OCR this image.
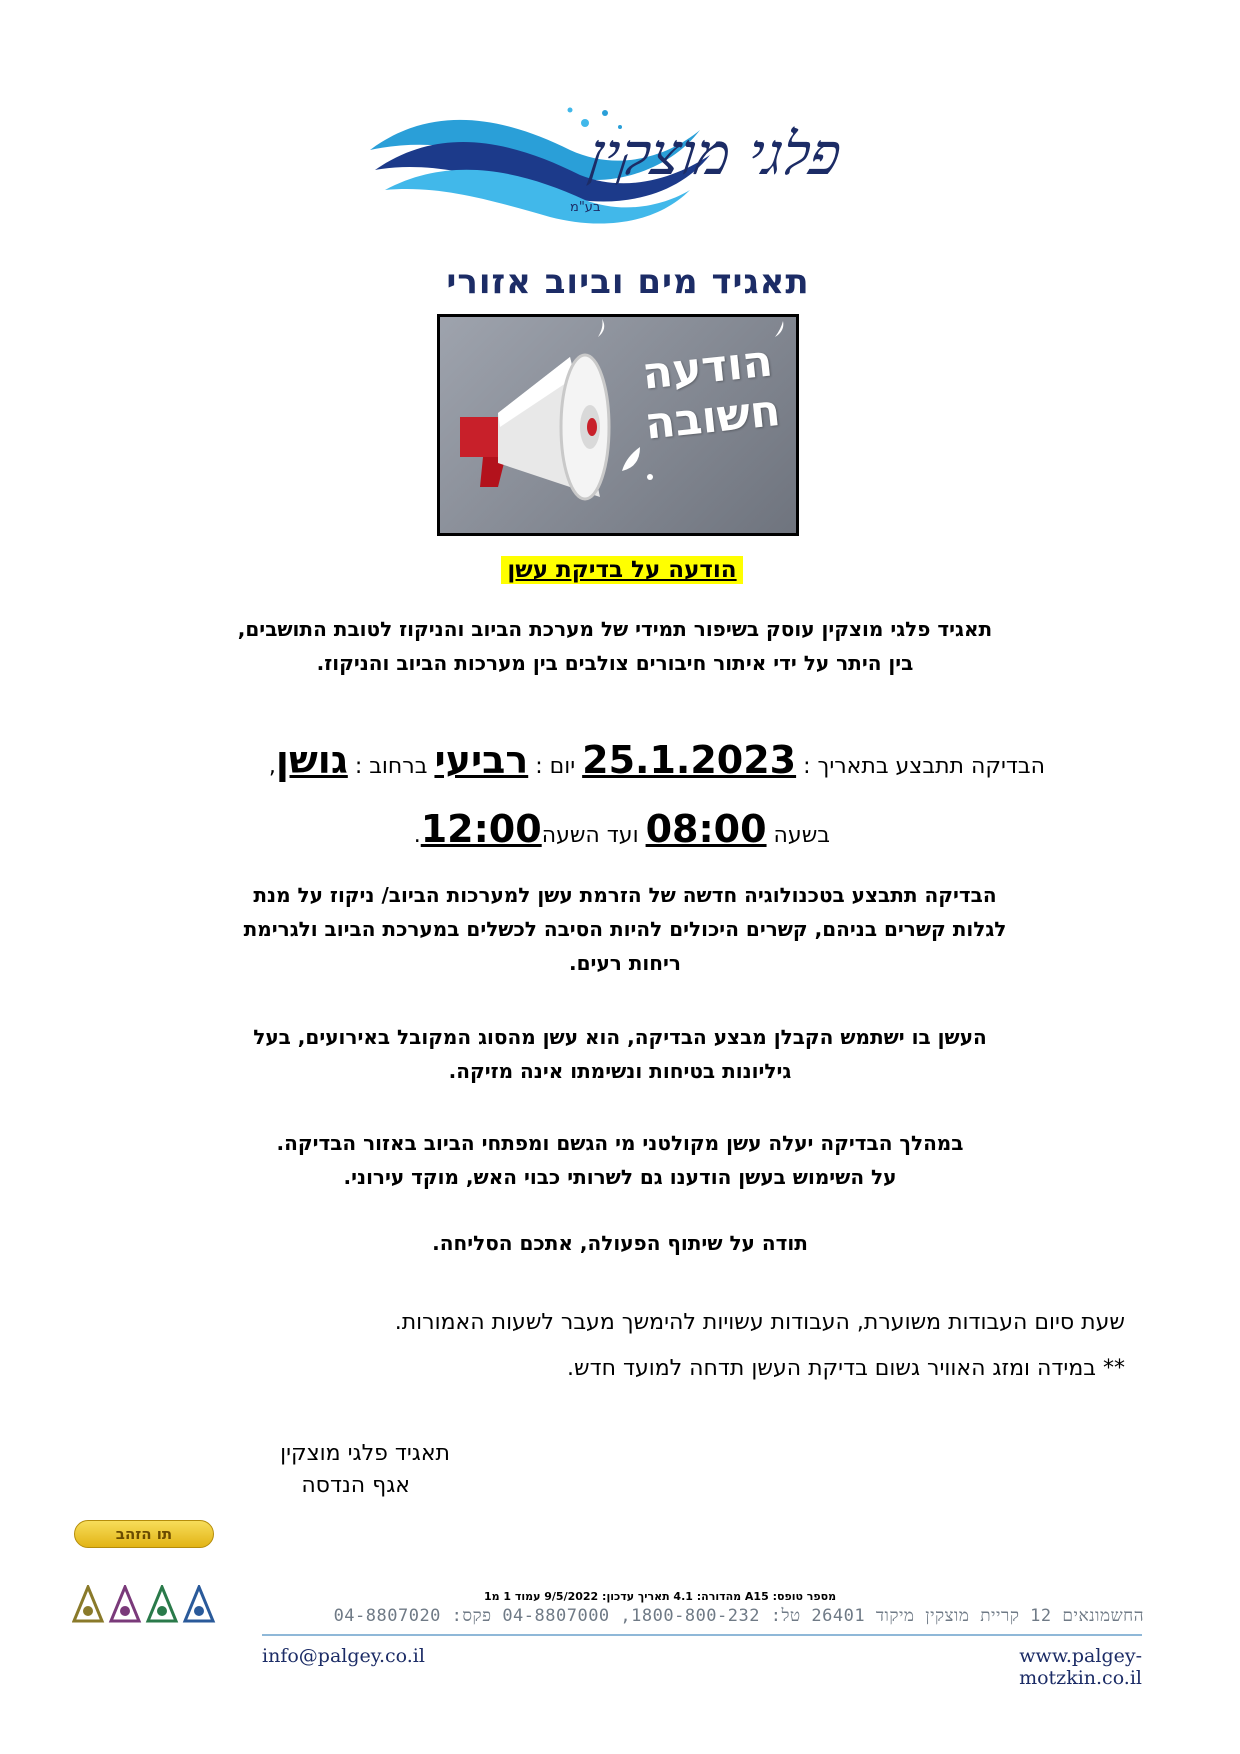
פלגי מוצקין
בע"מ
תאגיד מים וביוב אזורי
הודעה
חשובה
הודעה על בדיקת עשן
תאגיד פלגי מוצקין עוסק בשיפור תמידי של מערכת הביוב והניקוז לטובת התושבים,
בין היתר על ידי איתור חיבורים צולבים בין מערכות הביוב והניקוז.
הבדיקה תתבצע בתאריך : 25.1.2023 יום : רביעי ברחוב : גושן,
בשעה 08:00 ועד השעה12:00.
הבדיקה תתבצע בטכנולוגיה חדשה של הזרמת עשן למערכות הביוב/ ניקוז על מנת
לגלות קשרים בניהם, קשרים היכולים להיות הסיבה לכשלים במערכת הביוב ולגרימת
ריחות רעים.
העשן בו ישתמש הקבלן מבצע הבדיקה, הוא עשן מהסוג המקובל באירועים, בעל
גיליונות בטיחות ונשימתו אינה מזיקה.
במהלך הבדיקה יעלה עשן מקולטני מי הגשם ומפתחי הביוב באזור הבדיקה.
על השימוש בעשן הודענו גם לשרותי כבוי האש, מוקד עירוני.
תודה על שיתוף הפעולה, אתכם הסליחה.
שעת סיום העבודות משוערת, העבודות עשויות להימשך מעבר לשעות האמורות.
** במידה ומזג האוויר גשום בדיקת העשן תדחה למועד חדש.
תאגיד פלגי מוצקין
אגף הנדסה
תו הזהב
מספר טופס: A15 מהדורה: 4.1 תאריך עדכון: 9/5/2022 עמוד 1 מ1
החשמונאים 12 קריית מוצקין מיקוד 26401 טל: 1800-800-232, 04-8807000 פקס: 04-8807020
info@palgey.co.il	www.palgey-motzkin.co.il
